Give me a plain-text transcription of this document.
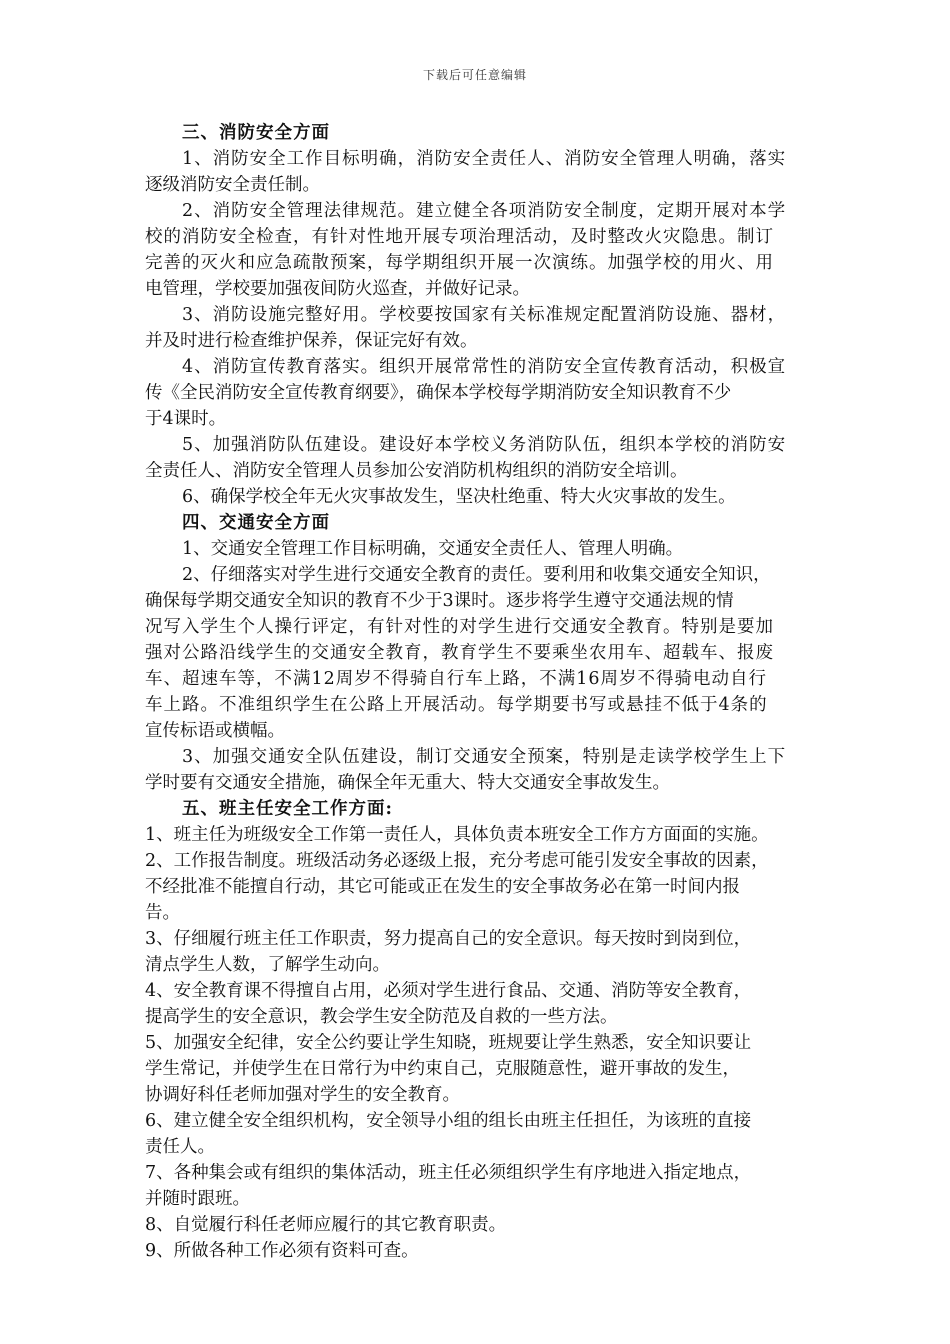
下载后可任意编辑
三、消防安全方面
1、消防安全工作目标明确，消防安全责任人、消防安全管理人明确，落实
逐级消防安全责任制。
2、消防安全管理法律规范。建立健全各项消防安全制度，定期开展对本学
校的消防安全检查，有针对性地开展专项治理活动，及时整改火灾隐患。制订
完善的灭火和应急疏散预案，每学期组织开展一次演练。加强学校的用火、用
电管理，学校要加强夜间防火巡查，并做好记录。
3、消防设施完整好用。学校要按国家有关标准规定配置消防设施、器材，
并及时进行检查维护保养，保证完好有效。
4、消防宣传教育落实。组织开展常常性的消防安全宣传教育活动，积极宣
传《全民消防安全宣传教育纲要》，确保本学校每学期消防安全知识教育不少
于4课时。
5、加强消防队伍建设。建设好本学校义务消防队伍，组织本学校的消防安
全责任人、消防安全管理人员参加公安消防机构组织的消防安全培训。
6、确保学校全年无火灾事故发生，坚决杜绝重、特大火灾事故的发生。
四、交通安全方面
1、交通安全管理工作目标明确，交通安全责任人、管理人明确。
2、仔细落实对学生进行交通安全教育的责任。要利用和收集交通安全知识，
确保每学期交通安全知识的教育不少于3课时。逐步将学生遵守交通法规的情
况写入学生个人操行评定，有针对性的对学生进行交通安全教育。特别是要加
强对公路沿线学生的交通安全教育，教育学生不要乘坐农用车、超载车、报废
车、超速车等，不满12周岁不得骑自行车上路，不满16周岁不得骑电动自行
车上路。不准组织学生在公路上开展活动。每学期要书写或悬挂不低于4条的
宣传标语或横幅。
3、加强交通安全队伍建设，制订交通安全预案，特别是走读学校学生上下
学时要有交通安全措施，确保全年无重大、特大交通安全事故发生。
五、班主任安全工作方面:
1、班主任为班级安全工作第一责任人，具体负责本班安全工作方方面面的实施。
2、工作报告制度。班级活动务必逐级上报，充分考虑可能引发安全事故的因素，
不经批准不能擅自行动，其它可能或正在发生的安全事故务必在第一时间内报
告。
3、仔细履行班主任工作职责，努力提高自己的安全意识。每天按时到岗到位，
清点学生人数，了解学生动向。
4、安全教育课不得擅自占用，必须对学生进行食品、交通、消防等安全教育，
提高学生的安全意识，教会学生安全防范及自救的一些方法。
5、加强安全纪律，安全公约要让学生知晓，班规要让学生熟悉，安全知识要让
学生常记，并使学生在日常行为中约束自己，克服随意性，避开事故的发生，
协调好科任老师加强对学生的安全教育。
6、建立健全安全组织机构，安全领导小组的组长由班主任担任，为该班的直接
责任人。
7、各种集会或有组织的集体活动，班主任必须组织学生有序地进入指定地点，
并随时跟班。
8、自觉履行科任老师应履行的其它教育职责。
9、所做各种工作必须有资料可查。
